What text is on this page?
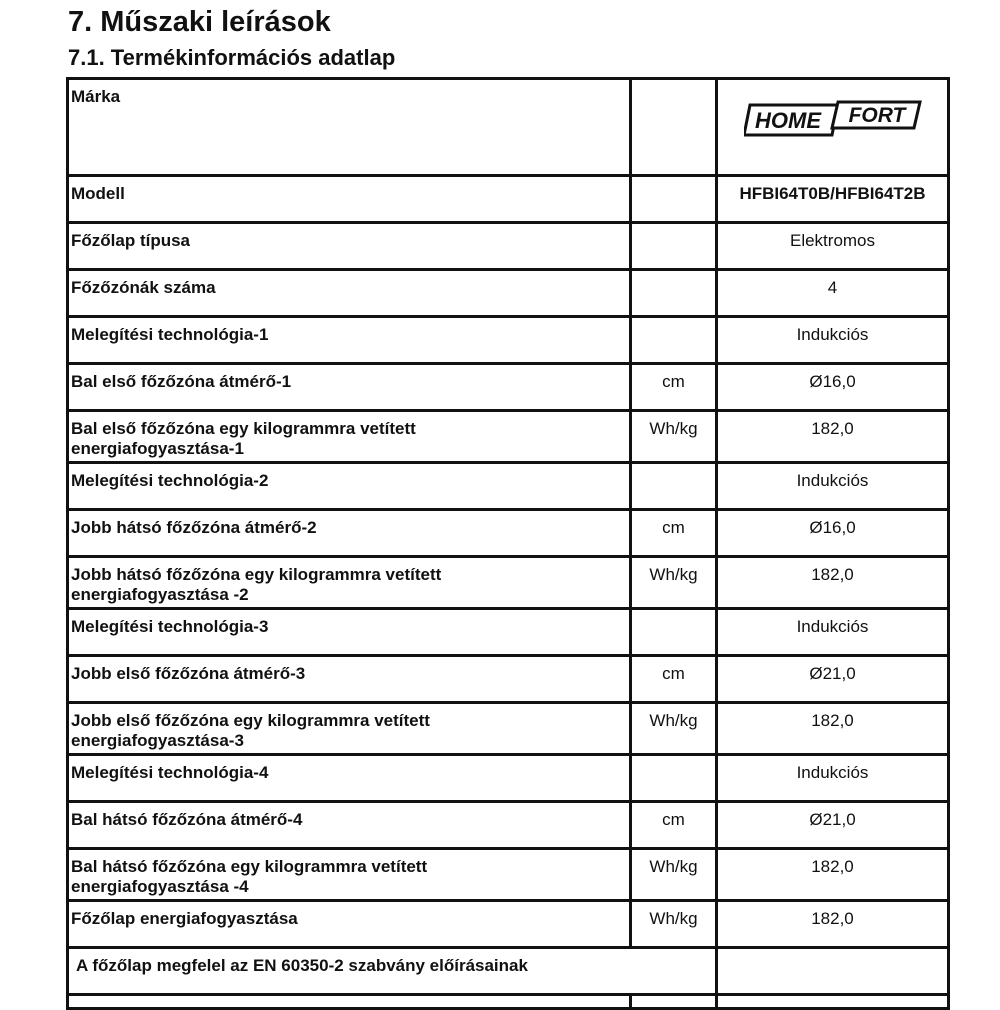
7. Műszaki leírások
7.1. Termékinformációs adatlap
Márka		HOME FORT

Modell		HFBI64T0B/HFBI64T2B
Főzőlap típusa		Elektromos
Főzőzónák száma		4
Melegítési technológia-1		Indukciós
Bal első főzőzóna átmérő-1	cm	Ø16,0
Bal első főzőzóna egy kilogrammra vetített
energiafogyasztása-1	Wh/kg	182,0
Melegítési technológia-2		Indukciós
Jobb hátsó főzőzóna átmérő-2	cm	Ø16,0
Jobb hátsó főzőzóna egy kilogrammra vetített
energiafogyasztása -2	Wh/kg	182,0
Melegítési technológia-3		Indukciós
Jobb első főzőzóna átmérő-3	cm	Ø21,0
Jobb első főzőzóna egy kilogrammra vetített
energiafogyasztása-3	Wh/kg	182,0
Melegítési technológia-4		Indukciós
Bal hátsó főzőzóna átmérő-4	cm	Ø21,0
Bal hátsó főzőzóna egy kilogrammra vetített
energiafogyasztása -4	Wh/kg	182,0
Főzőlap energiafogyasztása	Wh/kg	182,0
A főzőlap megfelel az EN 60350-2 szabvány előírásainak		
